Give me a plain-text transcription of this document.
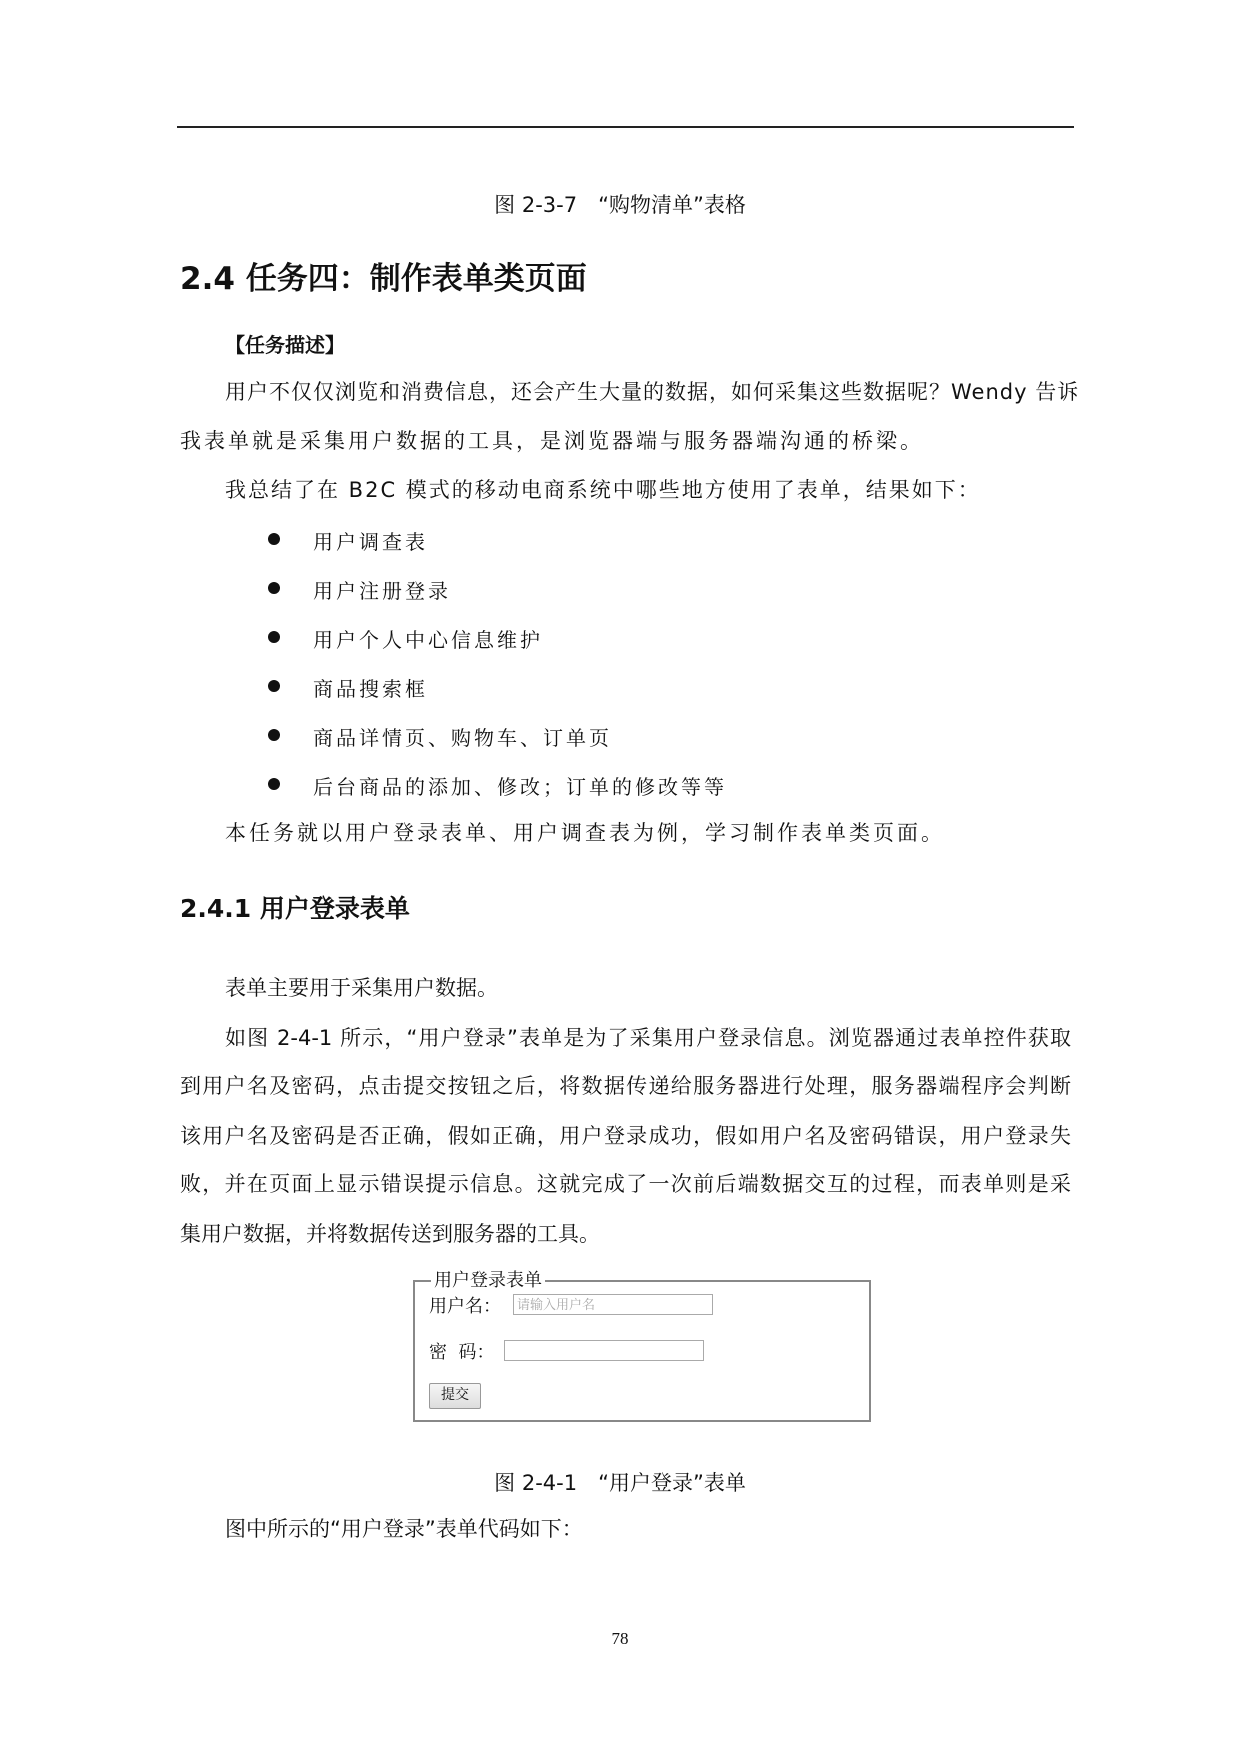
图 2-3-7　“购物清单”表格
2.4 任务四：制作表单类页面
【任务描述】
用户不仅仅浏览和消费信息，还会产生大量的数据，如何采集这些数据呢？Wendy 告诉
我表单就是采集用户数据的工具，是浏览器端与服务器端沟通的桥梁。
我总结了在 B2C 模式的移动电商系统中哪些地方使用了表单，结果如下：
用户调查表
用户注册登录
用户个人中心信息维护
商品搜索框
商品详情页、购物车、订单页
后台商品的添加、修改；订单的修改等等
本任务就以用户登录表单、用户调查表为例，学习制作表单类页面。
2.4.1 用户登录表单
表单主要用于采集用户数据。
如图 2-4-1 所示，“用户登录”表单是为了采集用户登录信息。浏览器通过表单控件获取
到用户名及密码，点击提交按钮之后，将数据传递给服务器进行处理，服务器端程序会判断
该用户名及密码是否正确，假如正确，用户登录成功，假如用户名及密码错误，用户登录失
败，并在页面上显示错误提示信息。这就完成了一次前后端数据交互的过程，而表单则是采
集用户数据，并将数据传送到服务器的工具。
用户登录表单
用户名：	请输入用户名
密  码：
提交
图 2-4-1　“用户登录”表单
图中所示的“用户登录”表单代码如下：
78
